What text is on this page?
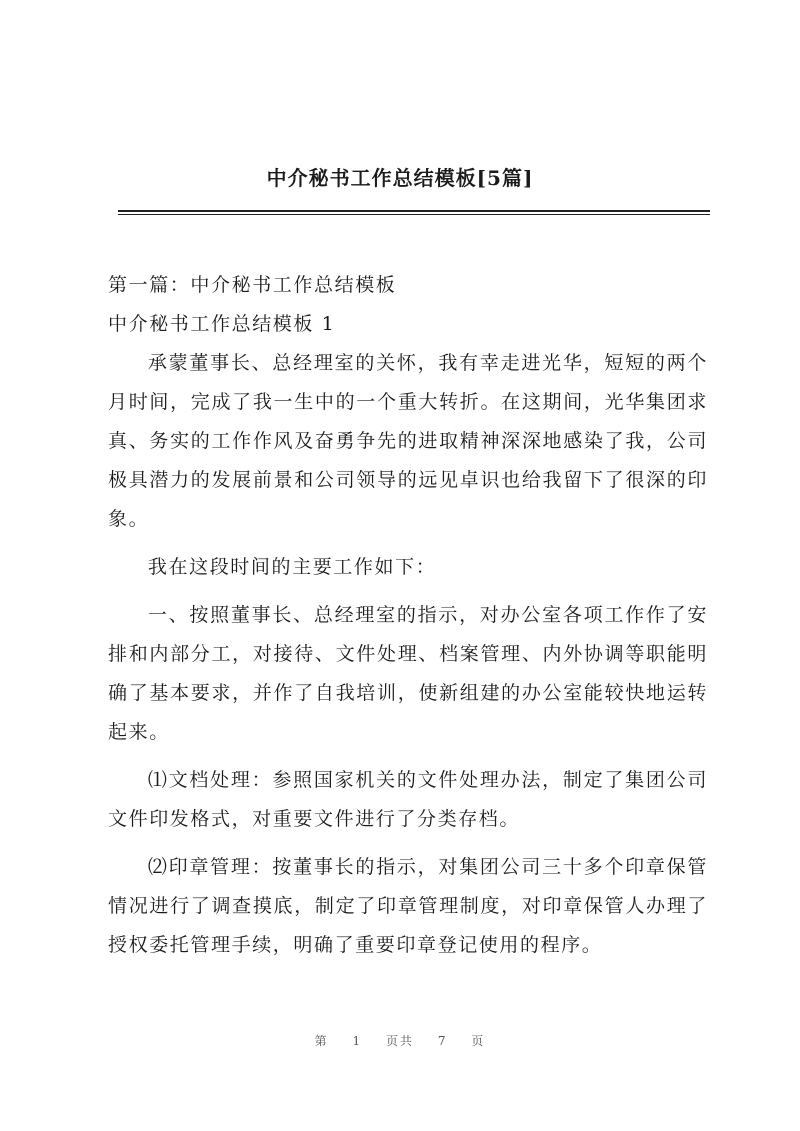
中介秘书工作总结模板[5篇]

第一篇：中介秘书工作总结模板

中介秘书工作总结模板 1

承蒙董事长、总经理室的关怀，我有幸走进光华，短短的两个月时间，完成了我一生中的一个重大转折。在这期间，光华集团求真、务实的工作作风及奋勇争先的进取精神深深地感染了我，公司极具潜力的发展前景和公司领导的远见卓识也给我留下了很深的印象。

我在这段时间的主要工作如下：

一、按照董事长、总经理室的指示，对办公室各项工作作了安排和内部分工，对接待、文件处理、档案管理、内外协调等职能明确了基本要求，并作了自我培训，使新组建的办公室能较快地运转起来。

⑴文档处理：参照国家机关的文件处理办法，制定了集团公司文件印发格式，对重要文件进行了分类存档。

⑵印章管理：按董事长的指示，对集团公司三十多个印章保管情况进行了调查摸底，制定了印章管理制度，对印章保管人办理了授权委托管理手续，明确了重要印章登记使用的程序。

第 1 页共 7 页
